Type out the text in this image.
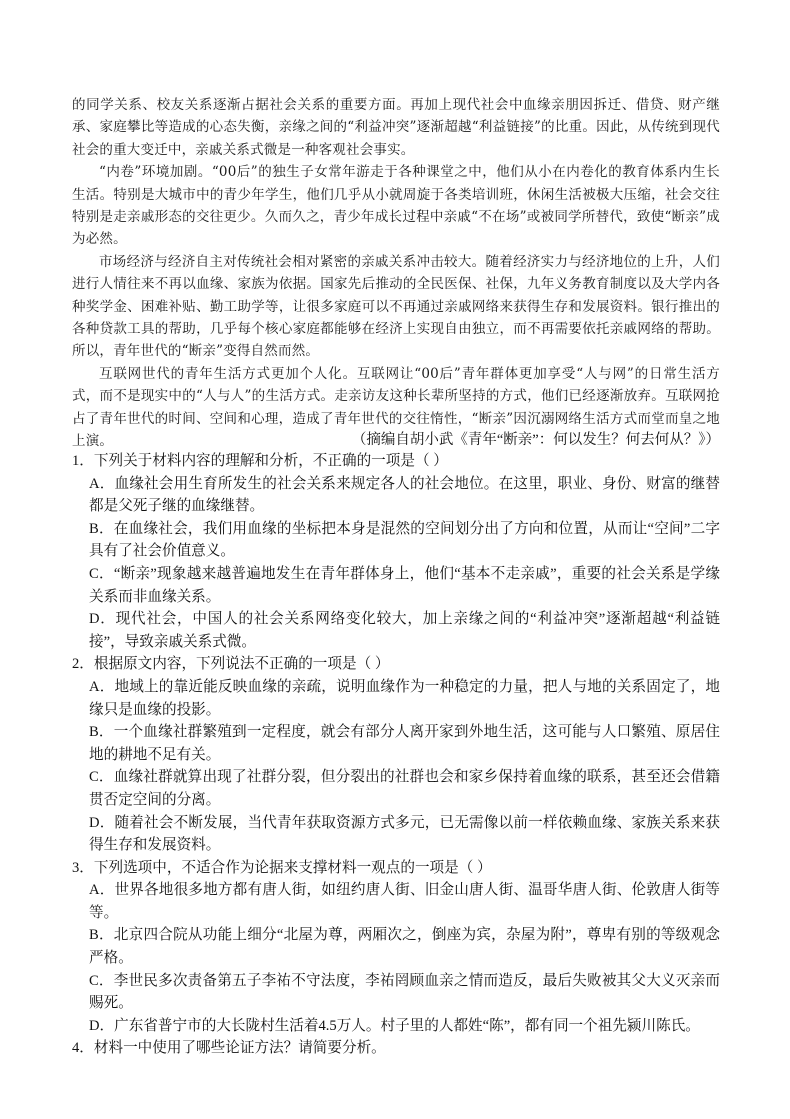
的同学关系、校友关系逐渐占据社会关系的重要方面。再加上现代社会中血缘亲朋因拆迁、借贷、财产继承、家庭攀比等造成的心态失衡，亲缘之间的“利益冲突”逐渐超越“利益链接”的比重。因此，从传统到现代社会的重大变迁中，亲戚关系式微是一种客观社会事实。

“内卷”环境加剧。“00后”的独生子女常年游走于各种课堂之中，他们从小在内卷化的教育体系内生长生活。特别是大城市中的青少年学生，他们几乎从小就周旋于各类培训班，休闲生活被极大压缩，社会交往特别是走亲戚形态的交往更少。久而久之，青少年成长过程中亲戚“不在场”或被同学所替代，致使“断亲”成为必然。

市场经济与经济自主对传统社会相对紧密的亲戚关系冲击较大。随着经济实力与经济地位的上升，人们进行人情往来不再以血缘、家族为依据。国家先后推动的全民医保、社保，九年义务教育制度以及大学内各种奖学金、困难补贴、勤工助学等，让很多家庭可以不再通过亲戚网络来获得生存和发展资料。银行推出的各种贷款工具的帮助，几乎每个核心家庭都能够在经济上实现自由独立，而不再需要依托亲戚网络的帮助。所以，青年世代的“断亲”变得自然而然。

互联网世代的青年生活方式更加个人化。互联网让“00后”青年群体更加享受“人与网”的日常生活方式，而不是现实中的“人与人”的生活方式。走亲访友这种长辈所坚持的方式，他们已经逐渐放弃。互联网抢占了青年世代的时间、空间和心理，造成了青年世代的交往惰性，“断亲”因沉溺网络生活方式而堂而皇之地上演。	（摘编自胡小武《青年“断亲”：何以发生？何去何从？》）

1．下列关于材料内容的理解和分析，不正确的一项是（ ）

A．血缘社会用生育所发生的社会关系来规定各人的社会地位。在这里，职业、身份、财富的继替都是父死子继的血缘继替。

B．在血缘社会，我们用血缘的坐标把本身是混然的空间划分出了方向和位置，从而让“空间”二字具有了社会价值意义。

C．“断亲”现象越来越普遍地发生在青年群体身上，他们“基本不走亲戚”，重要的社会关系是学缘关系而非血缘关系。

D．现代社会，中国人的社会关系网络变化较大，加上亲缘之间的“利益冲突”逐渐超越“利益链接”，导致亲戚关系式微。

2．根据原文内容，下列说法不正确的一项是（ ）

A．地域上的靠近能反映血缘的亲疏，说明血缘作为一种稳定的力量，把人与地的关系固定了，地缘只是血缘的投影。

B．一个血缘社群繁殖到一定程度，就会有部分人离开家到外地生活，这可能与人口繁殖、原居住地的耕地不足有关。

C．血缘社群就算出现了社群分裂，但分裂出的社群也会和家乡保持着血缘的联系，甚至还会借籍贯否定空间的分离。

D．随着社会不断发展，当代青年获取资源方式多元，已无需像以前一样依赖血缘、家族关系来获得生存和发展资料。

3．下列选项中，不适合作为论据来支撑材料一观点的一项是（ ）

A．世界各地很多地方都有唐人街，如纽约唐人街、旧金山唐人街、温哥华唐人街、伦敦唐人街等等。

B．北京四合院从功能上细分“北屋为尊，两厢次之，倒座为宾，杂屋为附”，尊卑有别的等级观念严格。

C．李世民多次责备第五子李祐不守法度，李祐罔顾血亲之情而造反，最后失败被其父大义灭亲而赐死。

D．广东省普宁市的大长陇村生活着4.5万人。村子里的人都姓“陈”，都有同一个祖先颍川陈氏。

4．材料一中使用了哪些论证方法？请简要分析。
